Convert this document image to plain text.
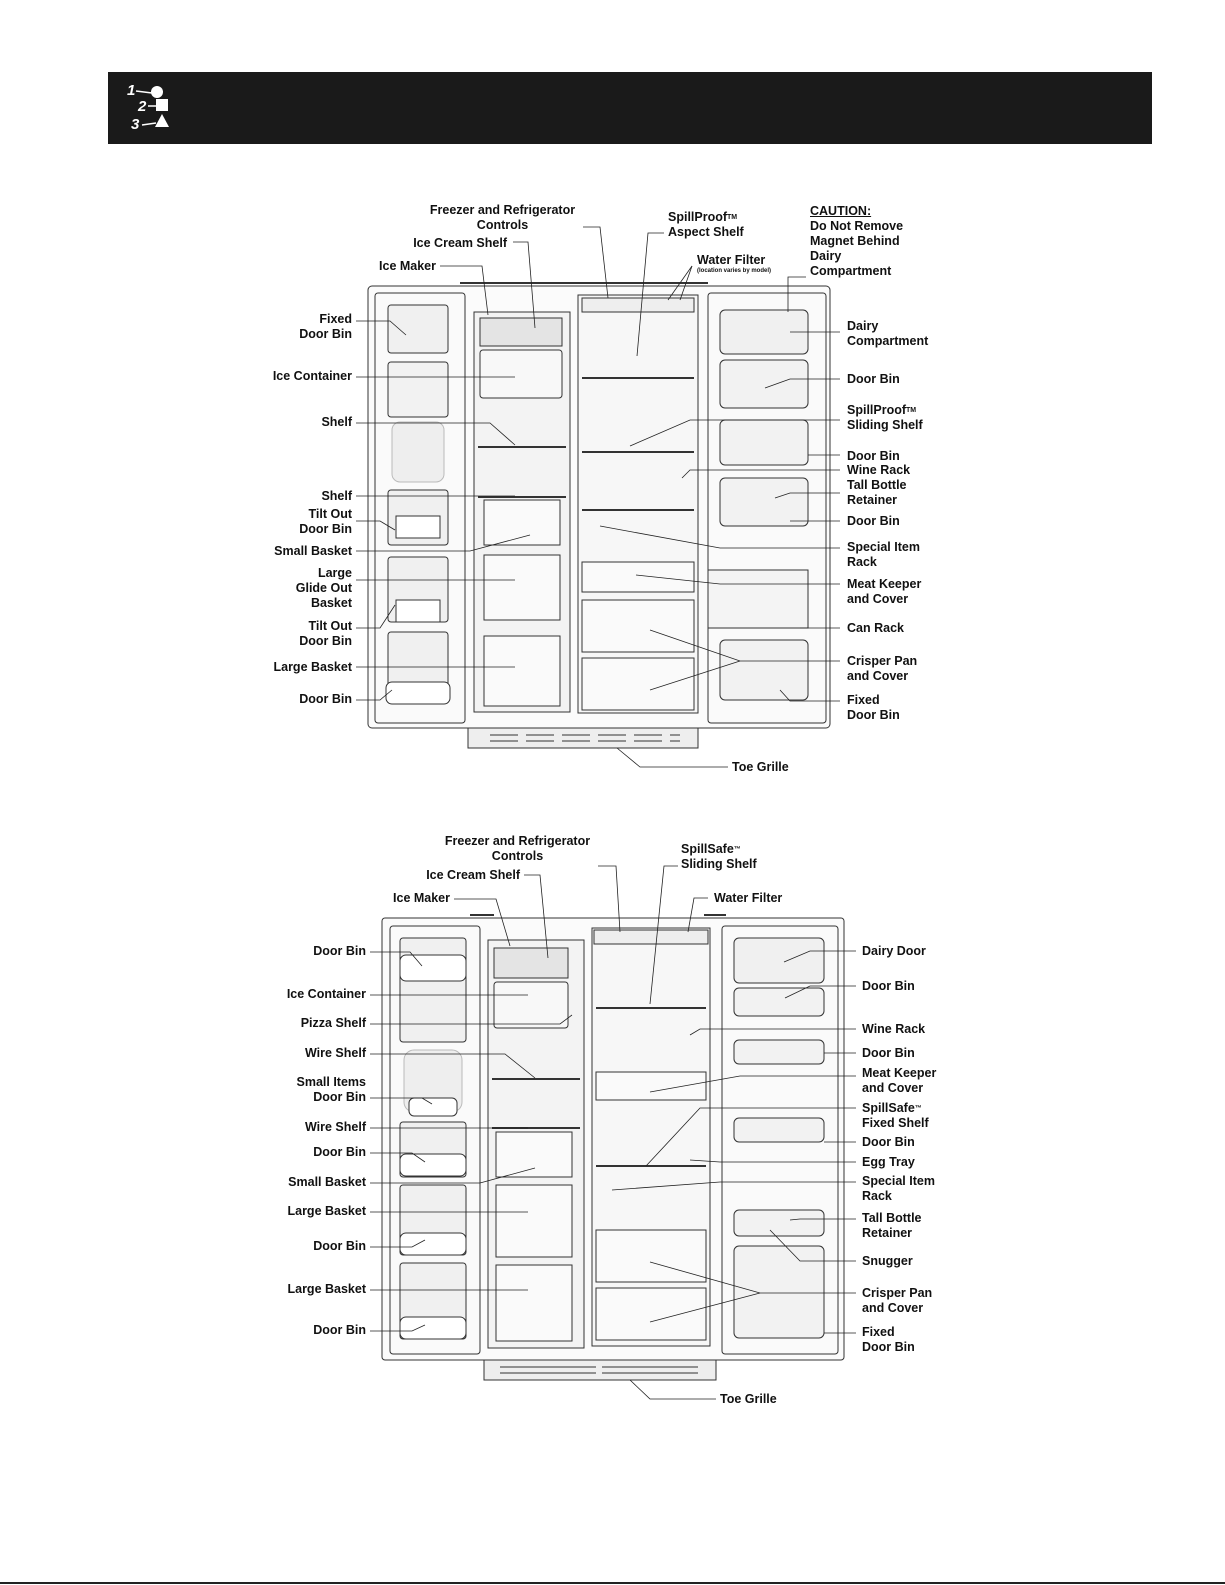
1
2
3
Freezer and Refrigerator
Controls
Ice Cream Shelf
Ice Maker
Fixed
Door Bin
Ice Container
Shelf
Shelf
Tilt Out
Door Bin
Small Basket
Large
Glide Out
Basket
Tilt Out
Door Bin
Large Basket
Door Bin
SpillProof™
Aspect Shelf
Water Filter
(location varies by model)
CAUTION:
Do Not Remove
Magnet Behind
Dairy
Compartment
Dairy
Compartment
Door Bin
SpillProof™
Sliding Shelf
Door Bin
Wine Rack
Tall Bottle
Retainer
Door Bin
Special Item
Rack
Meat Keeper
and Cover
Can Rack
Crisper Pan
and Cover
Fixed
Door Bin
Toe Grille
Freezer and Refrigerator
Controls
Ice Cream Shelf
Ice Maker
Door Bin
Ice Container
Pizza Shelf
Wire Shelf
Small Items
Door Bin
Wire Shelf
Door Bin
Small Basket
Large Basket
Door Bin
Large Basket
Door Bin
SpillSafe™
Sliding Shelf
Water Filter
Dairy Door
Door Bin
Wine Rack
Door Bin
Meat Keeper
and Cover
SpillSafe™
Fixed Shelf
Door Bin
Egg Tray
Special Item
Rack
Tall Bottle
Retainer
Snugger
Crisper Pan
and Cover
Fixed
Door Bin
Toe Grille
